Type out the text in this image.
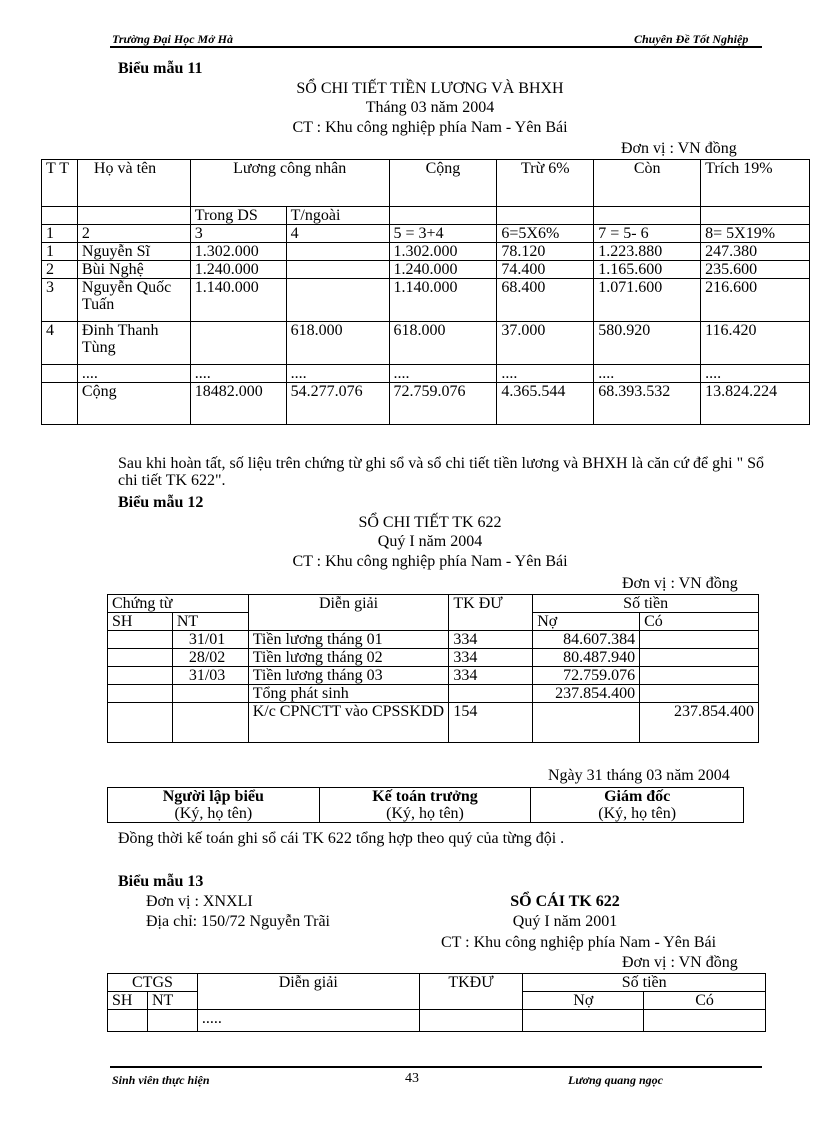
Trường Đại Học Mở Hà	Chuyên Đề Tốt Nghiệp
Biểu mẫu 11
SỔ CHI TIẾT TIỀN LƯƠNG VÀ BHXH
Tháng 03 năm 2004
CT : Khu công nghiệp phía Nam - Yên Bái
Đơn vị : VN đồng
T T	Họ và tên	Lương công nhân		Cộng	Trừ 6%	Còn	Trích 19%
		Trong DS	T/ngoài				
1	2	3	4	5 = 3+4	6=5X6%	7 = 5- 6	8= 5X19%
1	Nguyễn Sĩ	1.302.000		1.302.000	78.120	1.223.880	247.380
2	Bùi Nghệ	1.240.000		1.240.000	74.400	1.165.600	235.600
3	Nguyễn Quốc Tuấn	1.140.000		1.140.000	68.400	1.071.600	216.600
4	Đinh Thanh Tùng		618.000	618.000	37.000	580.920	116.420
	....	....	....	....	....	....	....
	Cộng	18482.000	54.277.076	72.759.076	4.365.544	68.393.532	13.824.224
Sau khi hoàn tất, số liệu trên chứng từ ghi sổ và sổ chi tiết tiền lương và BHXH là căn cứ để ghi " Sổ chi tiết TK 622".
Biểu mẫu 12
SỔ CHI TIẾT TK 622
Quý I năm 2004
CT : Khu công nghiệp phía Nam - Yên Bái
Đơn vị : VN đồng
Chứng từ		Diễn giải	TK ĐƯ	Số tiền	
SH	NT			Nợ	Có
	31/01	Tiền lương tháng 01	334	84.607.384	
	28/02	Tiền lương tháng 02	334	80.487.940	
	31/03	Tiền lương tháng 03	334	72.759.076	
		Tổng phát sinh		237.854.400	
		K/c CPNCTT vào CPSSKDD	154		237.854.400
Ngày 31 tháng 03 năm 2004
Người lập biểu
(Ký, họ tên)

Kế toán trưởng
(Ký, họ tên)

Giám đốc
(Ký, họ tên)
Đồng thời kế toán ghi sổ cái TK 622 tổng hợp theo quý của từng đội .
Biểu mẫu 13
Đơn vị : XNXLI
Địa chỉ: 150/72 Nguyễn Trãi
SỔ CÁI TK 622
Quý I năm 2001
CT : Khu công nghiệp phía Nam - Yên Bái
Đơn vị : VN đồng
CTGS		Diễn giải	TKĐƯ	Số tiền	
SH	NT			Nợ	Có
		.....			
Sinh viên thực hiện	43	Lương quang ngọc
